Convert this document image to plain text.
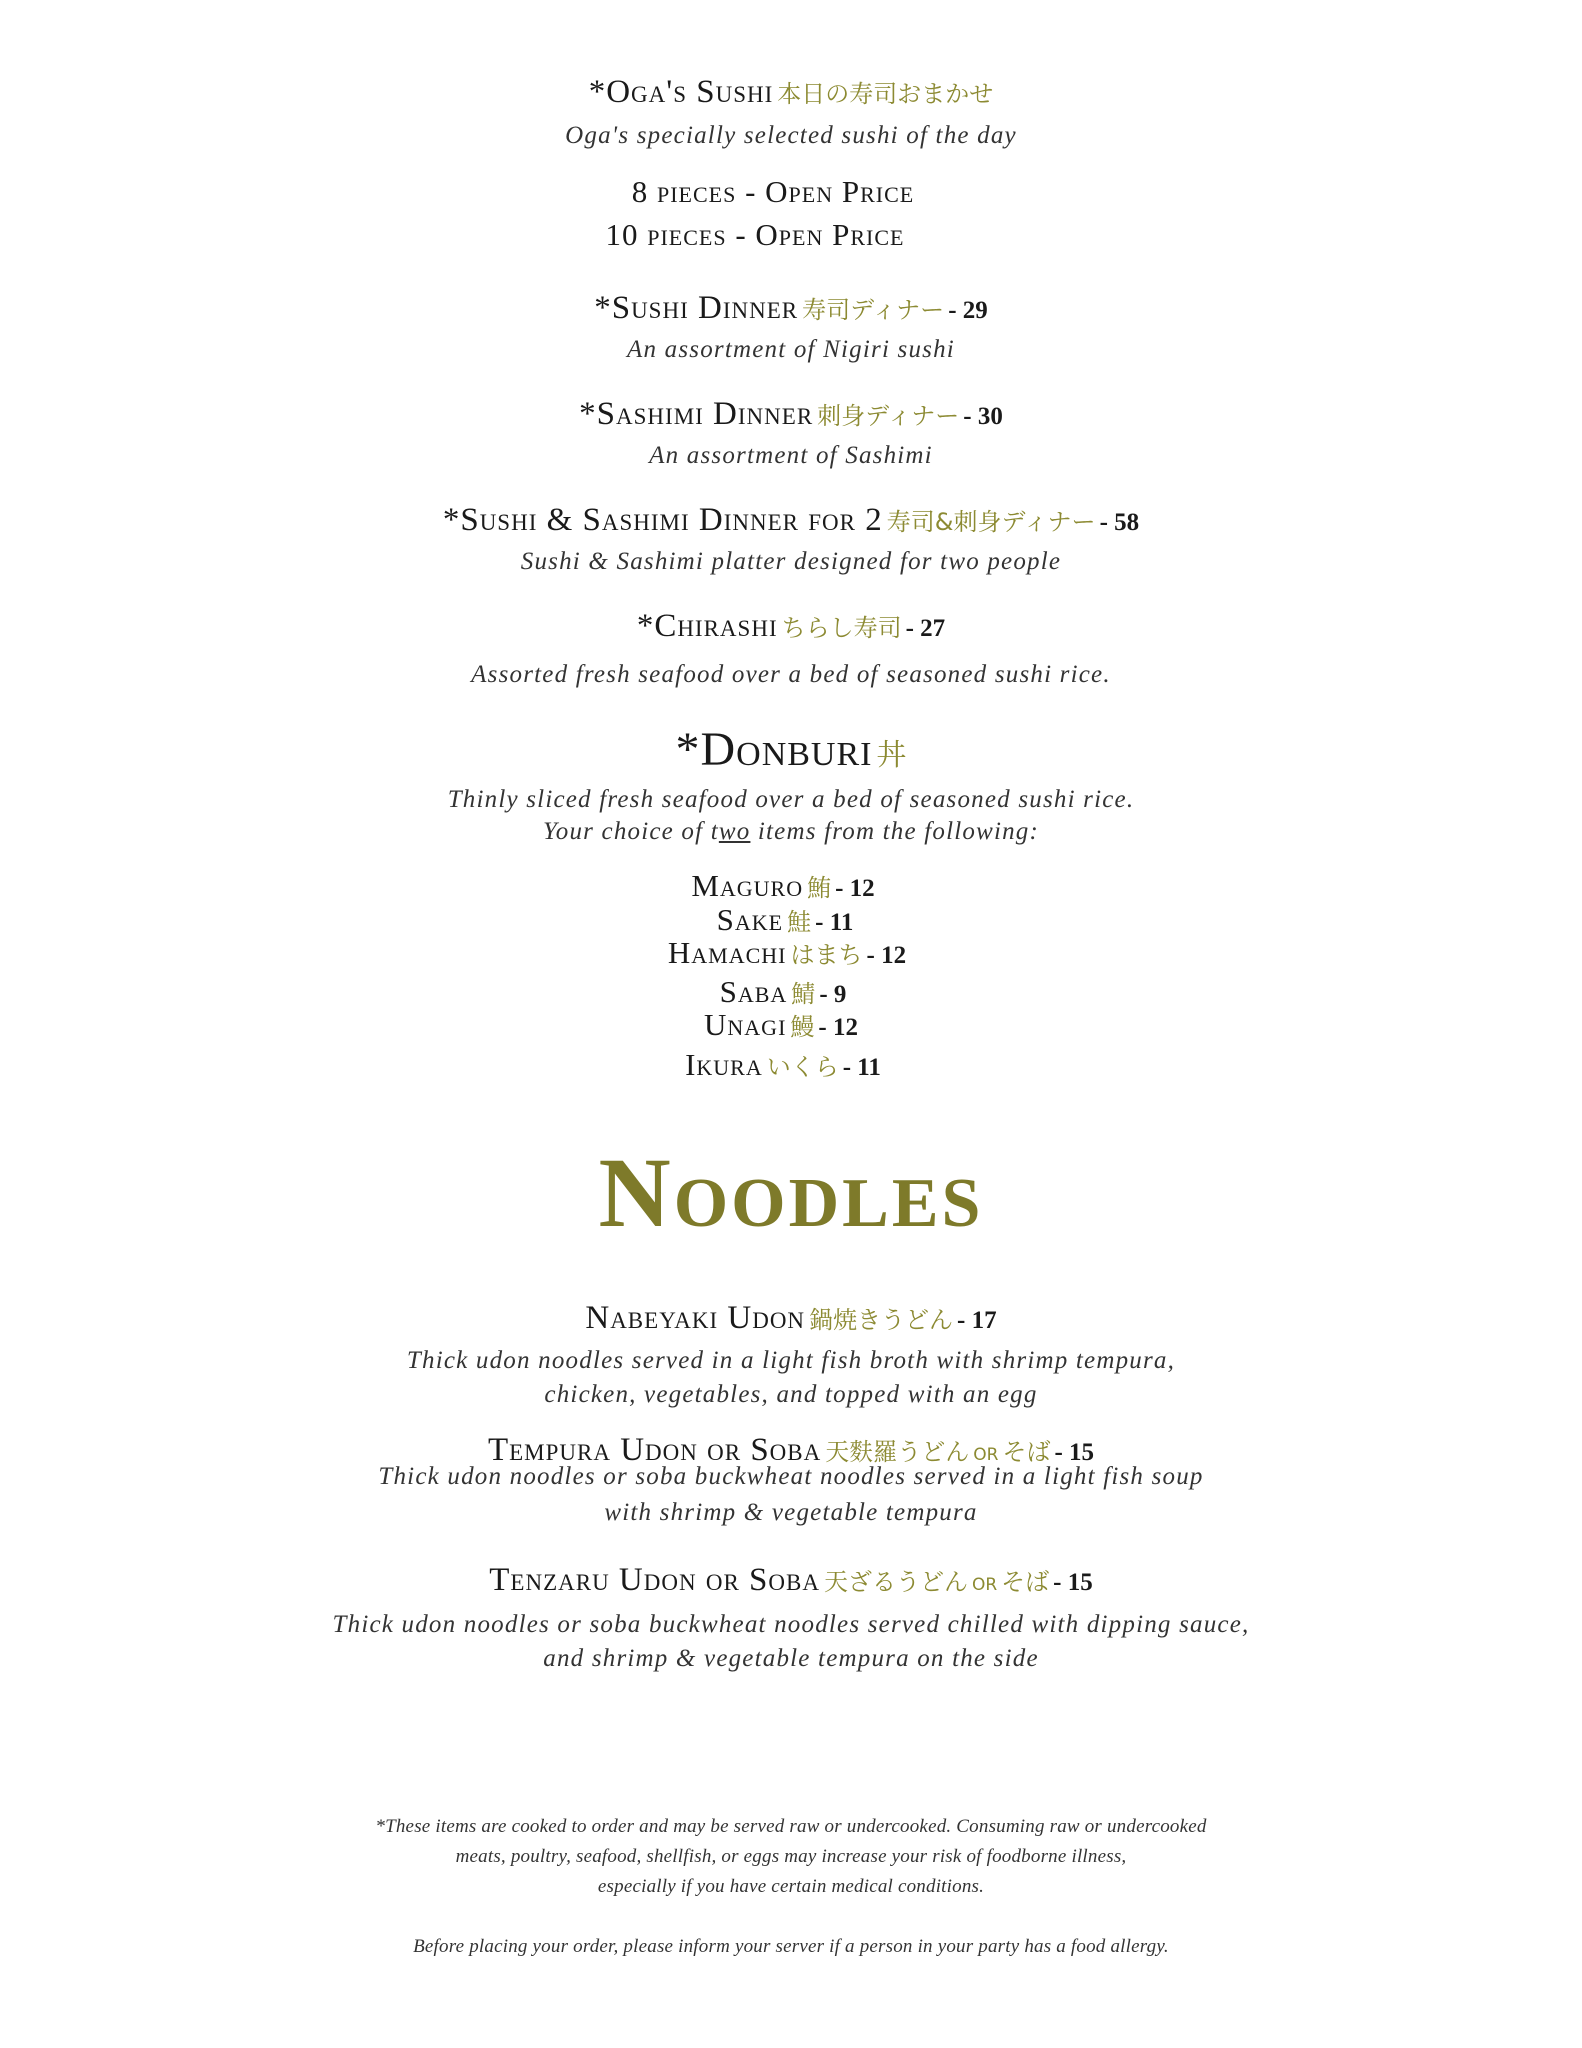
*Oga's Sushi 本日の寿司おまかせ
Oga's specially selected sushi of the day
8 pieces - Open Price
10 pieces - Open Price
*Sushi Dinner 寿司ディナー - 29
An assortment of Nigiri sushi
*Sashimi Dinner 刺身ディナー - 30
An assortment of Sashimi
*Sushi & Sashimi Dinner for 2 寿司&刺身ディナー - 58
Sushi & Sashimi platter designed for two people
*Chirashi ちらし寿司 - 27
Assorted fresh seafood over a bed of seasoned sushi rice.
*Donburi 丼
Thinly sliced fresh seafood over a bed of seasoned sushi rice.
Your choice of two items from the following:
Maguro 鮪 - 12
Sake 鮭 - 11
Hamachi はまち - 12
Saba 鯖 - 9
Unagi 鰻 - 12
Ikura いくら - 11
Noodles
Nabeyaki Udon 鍋焼きうどん - 17
Thick udon noodles served in a light fish broth with shrimp tempura,
chicken, vegetables, and topped with an egg
Tempura Udon or Soba 天麩羅うどん or そば - 15
Thick udon noodles or soba buckwheat noodles served in a light fish soup
with shrimp & vegetable tempura
Tenzaru Udon or Soba 天ざるうどん or そば - 15
Thick udon noodles or soba buckwheat noodles served chilled with dipping sauce,
and shrimp & vegetable tempura on the side
*These items are cooked to order and may be served raw or undercooked. Consuming raw or undercooked
meats, poultry, seafood, shellfish, or eggs may increase your risk of foodborne illness,
especially if you have certain medical conditions.
Before placing your order, please inform your server if a person in your party has a food allergy.
